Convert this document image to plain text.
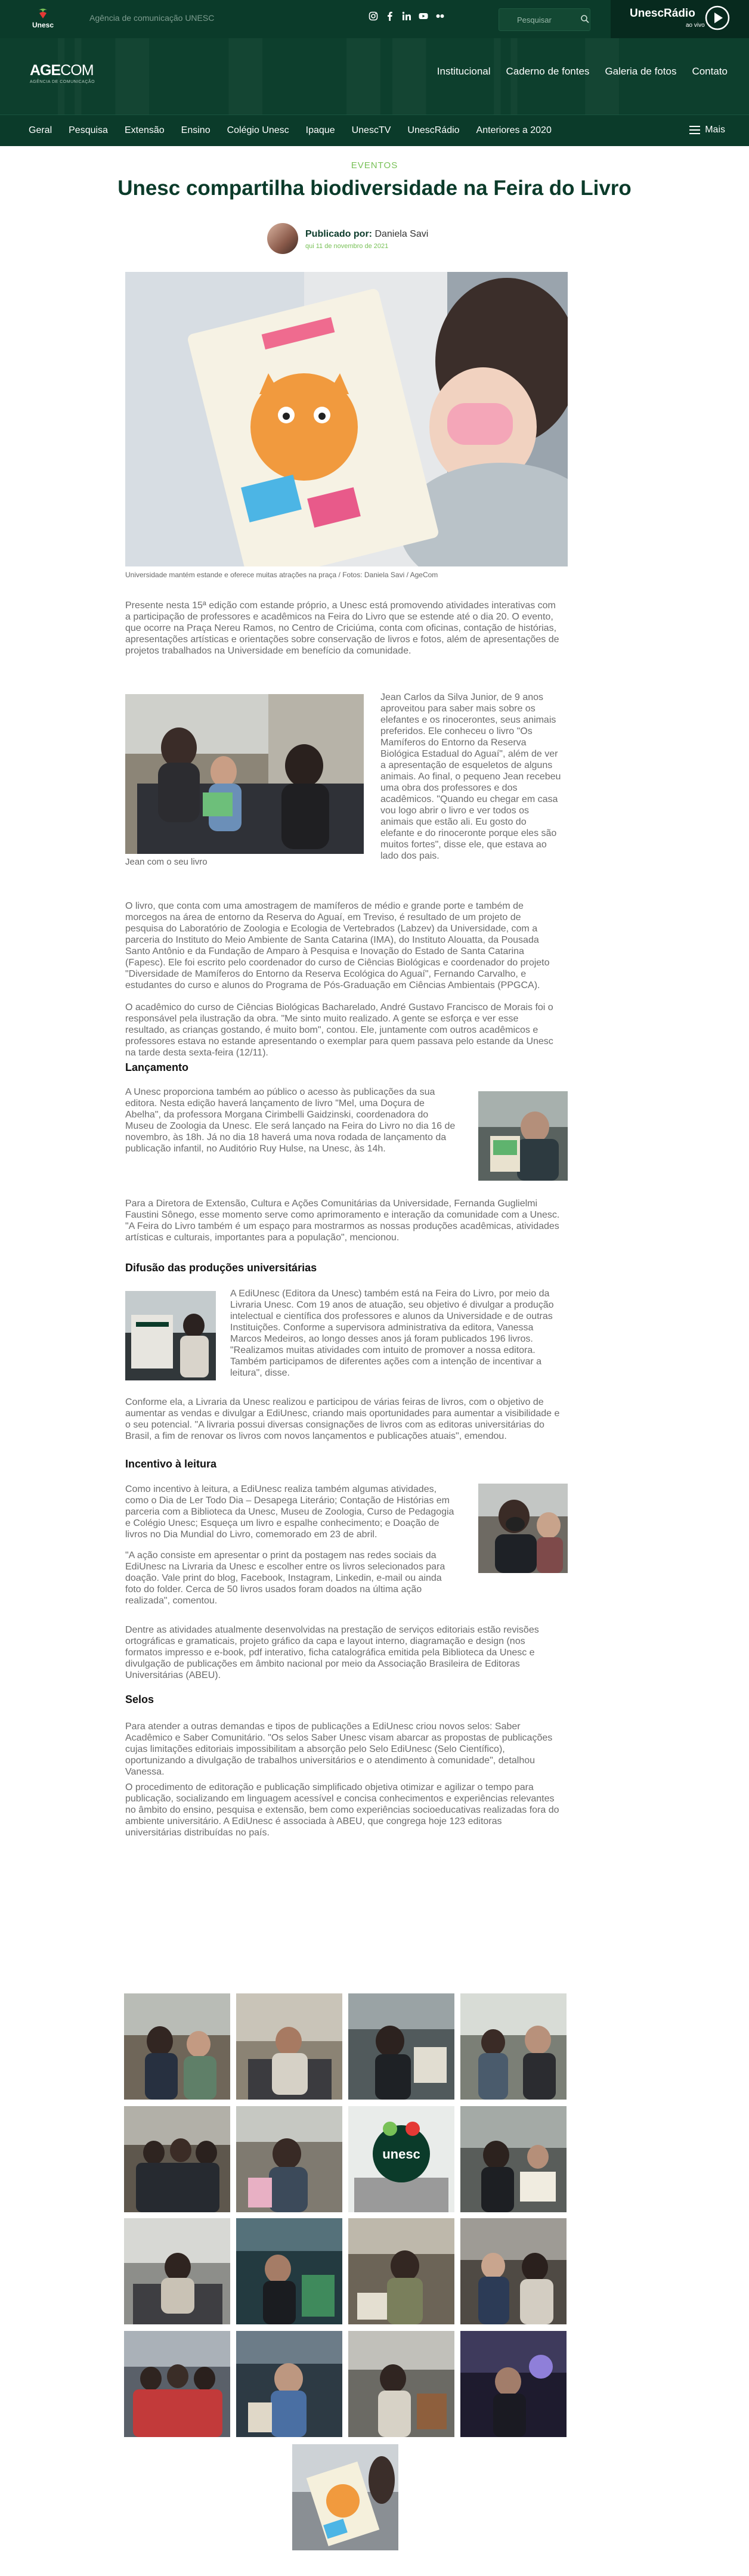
Unesc
Agência de comunicação UNESC
Pesquisar	UnescRádio
ao vivo
AGECOM
AGÊNCIA DE COMUNICAÇÃO
Institucional Caderno de fontes Galeria de fotos Contato
Geral Pesquisa Extensão Ensino Colégio Unesc Ipaque UnescTV UnescRádio Anteriores a 2020	Mais
EVENTOS
Unesc compartilha biodiversidade na Feira do Livro
Publicado por: Daniela Savi
qui 11 de novembro de 2021
Universidade mantém estande e oferece muitas atrações na praça / Fotos: Daniela Savi / AgeCom

Presente nesta 15ª edição com estande próprio, a Unesc está promovendo atividades interativas com a participação de professores e acadêmicos na Feira do Livro que se estende até o dia 20. O evento, que ocorre na Praça Nereu Ramos, no Centro de Criciúma, conta com oficinas, contação de histórias, apresentações artísticas e orientações sobre conservação de livros e fotos, além de apresentações de projetos trabalhados na Universidade em benefício da comunidade.

Jean com o seu livro

Jean Carlos da Silva Junior, de 9 anos aproveitou para saber mais sobre os elefantes e os rinocerontes, seus animais preferidos. Ele conheceu o livro "Os Mamíferos do Entorno da Reserva Biológica Estadual do Aguaí", além de ver a apresentação de esqueletos de alguns animais. Ao final, o pequeno Jean recebeu uma obra dos professores e dos acadêmicos. "Quando eu chegar em casa vou logo abrir o livro e ver todos os animais que estão ali. Eu gosto do elefante e do rinoceronte porque eles são muitos fortes", disse ele, que estava ao lado dos pais.

O livro, que conta com uma amostragem de mamíferos de médio e grande porte e também de morcegos na área de entorno da Reserva do Aguaí, em Treviso, é resultado de um projeto de pesquisa do Laboratório de Zoologia e Ecologia de Vertebrados (Labzev) da Universidade, com a parceria do Instituto do Meio Ambiente de Santa Catarina (IMA), do Instituto Alouatta, da Pousada Santo Antônio e da Fundação de Amparo à Pesquisa e Inovação do Estado de Santa Catarina (Fapesc). Ele foi escrito pelo coordenador do curso de Ciências Biológicas e coordenador do projeto "Diversidade de Mamíferos do Entorno da Reserva Ecológica do Aguaí", Fernando Carvalho, e estudantes do curso e alunos do Programa de Pós-Graduação em Ciências Ambientais (PPGCA).

O acadêmico do curso de Ciências Biológicas Bacharelado, André Gustavo Francisco de Morais foi o responsável pela ilustração da obra. "Me sinto muito realizado. A gente se esforça e ver esse resultado, as crianças gostando, é muito bom", contou. Ele, juntamente com outros acadêmicos e professores estava no estande apresentando o exemplar para quem passava pelo estande da Unesc na tarde desta sexta-feira (12/11).

Lançamento

A Unesc proporciona também ao público o acesso às publicações da sua editora. Nesta edição haverá lançamento de livro "Mel, uma Doçura de Abelha", da professora Morgana Cirimbelli Gaidzinski, coordenadora do Museu de Zoologia da Unesc. Ele será lançado na Feira do Livro no dia 16 de novembro, às 18h. Já no dia 18 haverá uma nova rodada de lançamento da publicação infantil, no Auditório Ruy Hulse, na Unesc, às 14h.

Para a Diretora de Extensão, Cultura e Ações Comunitárias da Universidade, Fernanda Guglielmi Faustini Sônego, esse momento serve como aprimoramento e interação da comunidade com a Unesc. "A Feira do Livro também é um espaço para mostrarmos as nossas produções acadêmicas, atividades artísticas e culturais, importantes para a população", mencionou.

Difusão das produções universitárias

A EdiUnesc (Editora da Unesc) também está na Feira do Livro, por meio da Livraria Unesc. Com 19 anos de atuação, seu objetivo é divulgar a produção intelectual e científica dos professores e alunos da Universidade e de outras Instituições. Conforme a supervisora administrativa da editora, Vanessa Marcos Medeiros, ao longo desses anos já foram publicados 196 livros. "Realizamos muitas atividades com intuito de promover a nossa editora. Também participamos de diferentes ações com a intenção de incentivar a leitura", disse.

Conforme ela, a Livraria da Unesc realizou e participou de várias feiras de livros, com o objetivo de aumentar as vendas e divulgar a EdiUnesc, criando mais oportunidades para aumentar a visibilidade e o seu potencial. "A livraria possui diversas consignações de livros com as editoras universitárias do Brasil, a fim de renovar os livros com novos lançamentos e publicações atuais", emendou.

Incentivo à leitura

Como incentivo à leitura, a EdiUnesc realiza também algumas atividades, como o Dia de Ler Todo Dia – Desapega Literário; Contação de Histórias em parceria com a Biblioteca da Unesc, Museu de Zoologia, Curso de Pedagogia e Colégio Unesc; Esqueça um livro e espalhe conhecimento; e Doação de livros no Dia Mundial do Livro, comemorado em 23 de abril.

"A ação consiste em apresentar o print da postagem nas redes sociais da EdiUnesc na Livraria da Unesc e escolher entre os livros selecionados para doação. Vale print do blog, Facebook, Instagram, Linkedin, e-mail ou ainda foto do folder. Cerca de 50 livros usados foram doados na última ação realizada", comentou.

Dentre as atividades atualmente desenvolvidas na prestação de serviços editoriais estão revisões ortográficas e gramaticais, projeto gráfico da capa e layout interno, diagramação e design (nos formatos impresso e e-book, pdf interativo, ficha catalográfica emitida pela Biblioteca da Unesc e divulgação de publicações em âmbito nacional por meio da Associação Brasileira de Editoras Universitárias (ABEU).

Selos

Para atender a outras demandas e tipos de publicações a EdiUnesc criou novos selos: Saber Acadêmico e Saber Comunitário. "Os selos Saber Unesc visam abarcar as propostas de publicações cujas limitações editoriais impossibilitam a absorção pelo Selo EdiUnesc (Selo Científico), oportunizando a divulgação de trabalhos universitários e o atendimento à comunidade", detalhou Vanessa.

O procedimento de editoração e publicação simplificado objetiva otimizar e agilizar o tempo para publicação, socializando em linguagem acessível e concisa conhecimentos e experiências relevantes no âmbito do ensino, pesquisa e extensão, bem como experiências socioeducativas realizadas fora do ambiente universitário. A EdiUnesc é associada à ABEU, que congrega hoje 123 editoras universitárias distribuídas no país.

unesc
